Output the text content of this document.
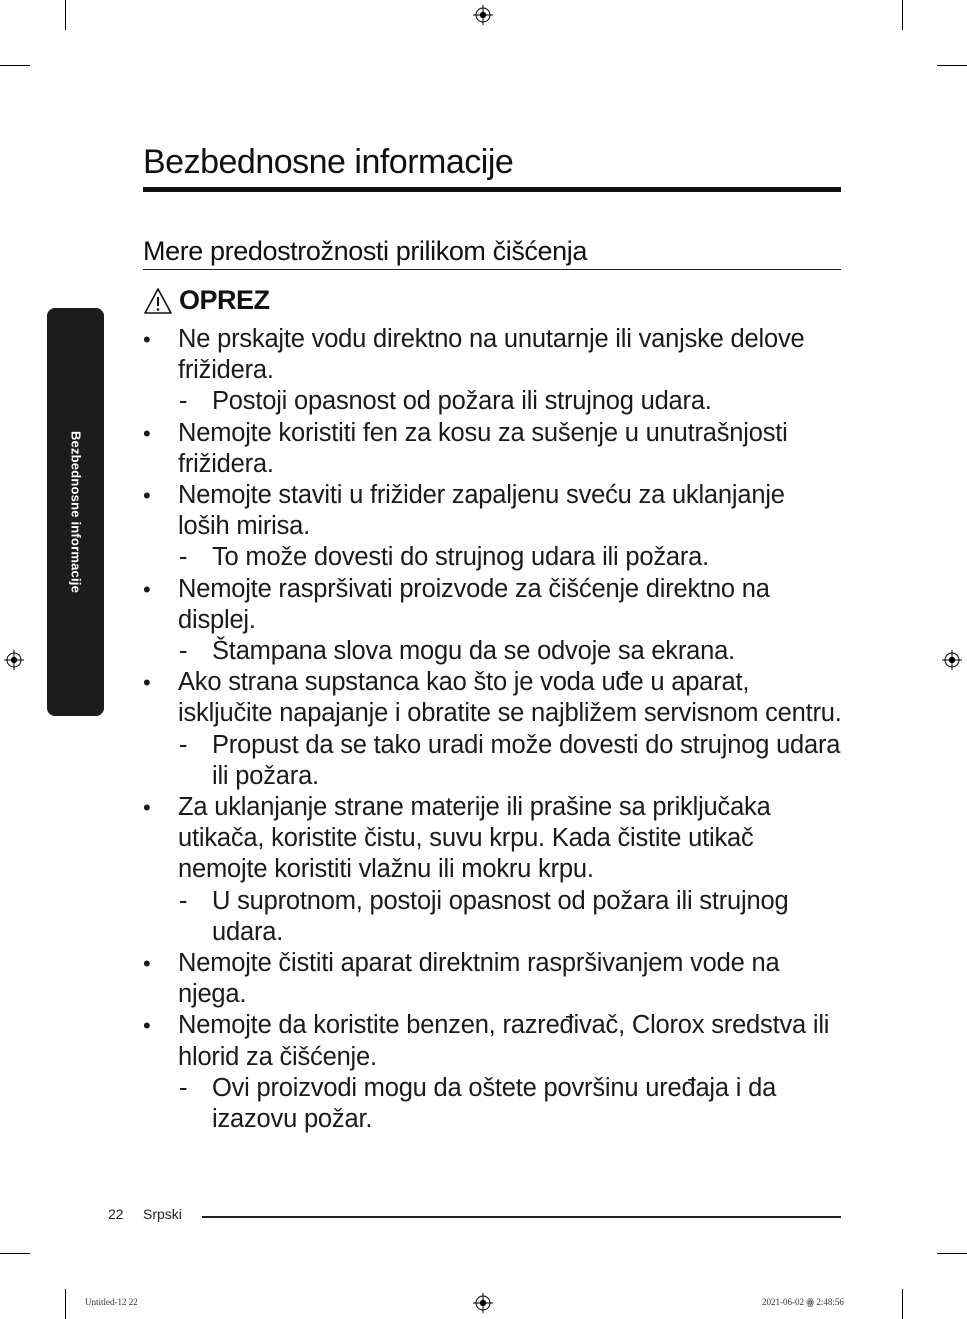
Bezbednosne informacije
Mere predostrožnosti prilikom čišćenja
OPREZ
Bezbednosne informacije
• Ne prskajte vodu direktno na unutarnje ili vanjske delove frižidera.
- Postoji opasnost od požara ili strujnog udara.
• Nemojte koristiti fen za kosu za sušenje u unutrašnjosti frižidera.
• Nemojte staviti u frižider zapaljenu sveću za uklanjanje loših mirisa.
- To može dovesti do strujnog udara ili požara.
• Nemojte raspršivati proizvode za čišćenje direktno na displej.
- Štampana slova mogu da se odvoje sa ekrana.
• Ako strana supstanca kao što je voda uđe u aparat, isključite napajanje i obratite se najbližem servisnom centru.
- Propust da se tako uradi može dovesti do strujnog udara ili požara.
• Za uklanjanje strane materije ili prašine sa priključaka utikača, koristite čistu, suvu krpu. Kada čistite utikač nemojte koristiti vlažnu ili mokru krpu.
- U suprotnom, postoji opasnost od požara ili strujnog udara.
• Nemojte čistiti aparat direktnim raspršivanjem vode na njega.
• Nemojte da koristite benzen, razređivač, Clorox sredstva ili hlorid za čišćenje.
- Ovi proizvodi mogu da oštete površinu uređaja i da izazovu požar.
22 Srpski
Untitled-12 22	2021-06-02 ꙮ 2:48:56
